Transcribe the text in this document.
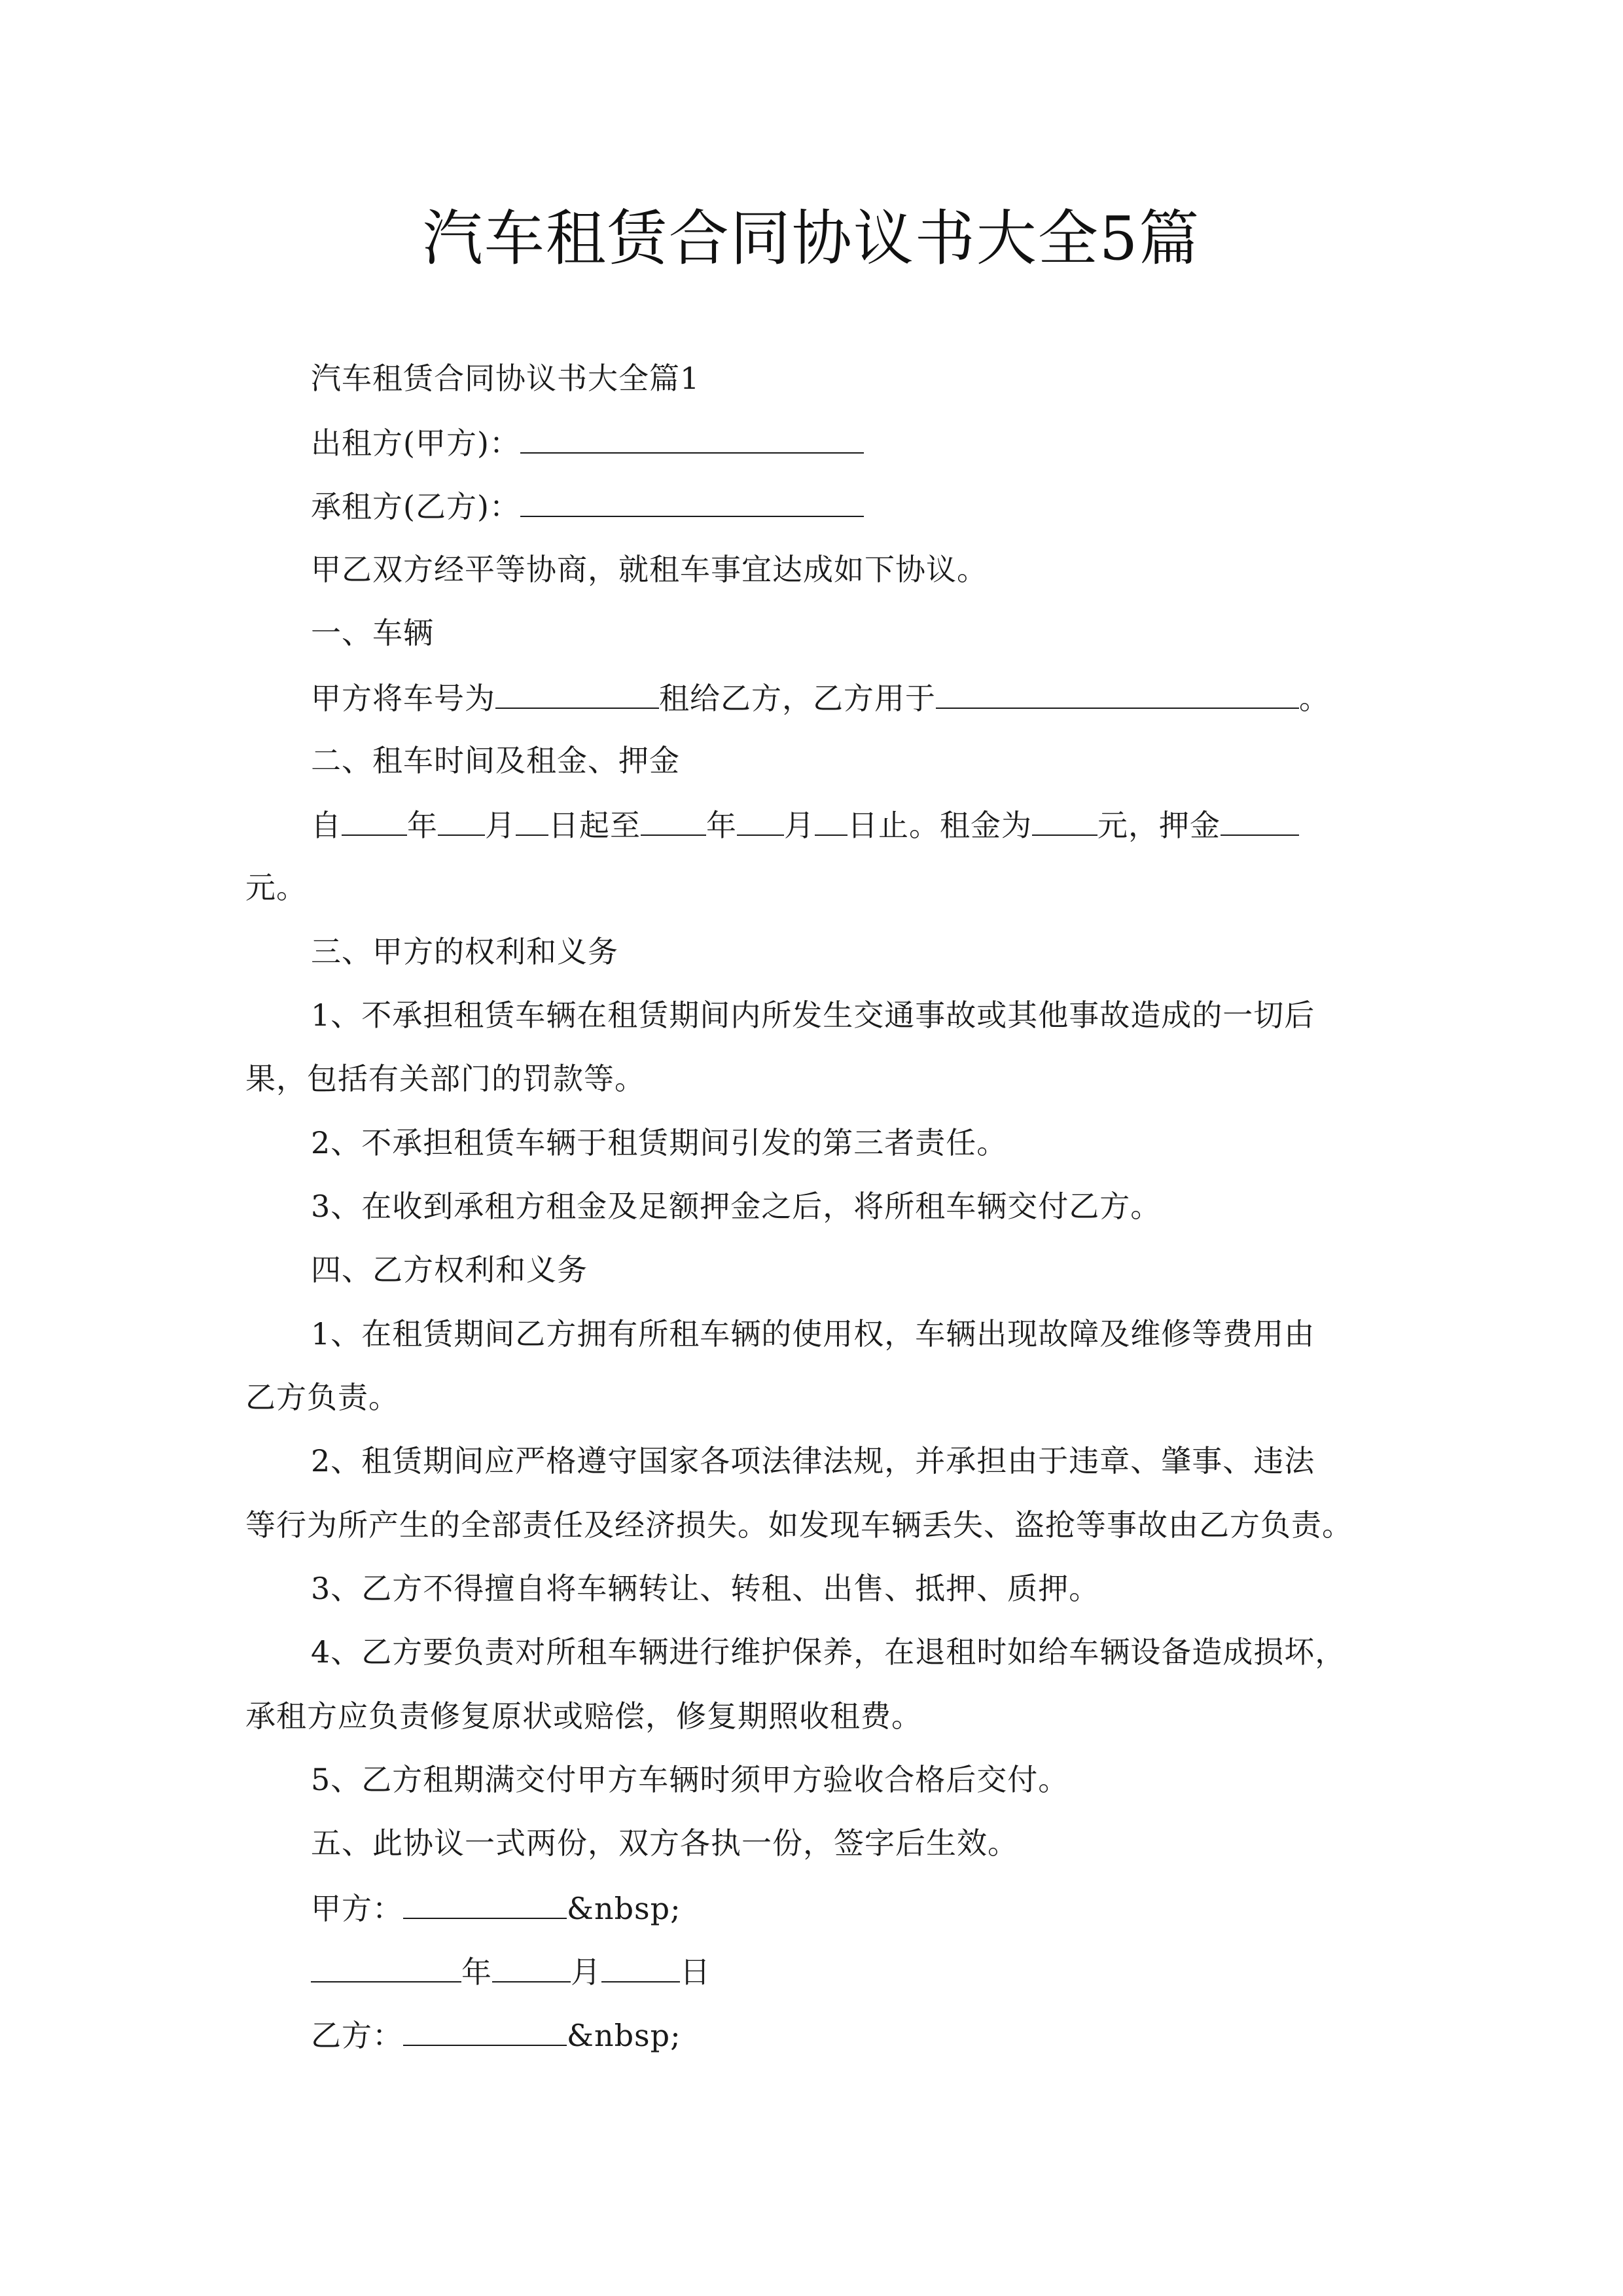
汽车租赁合同协议书大全5篇
汽车租赁合同协议书大全篇1
出租方(甲方)：
承租方(乙方)：
甲乙双方经平等协商，就租车事宜达成如下协议。
一、车辆
甲方将车号为	租给乙方，乙方用于	。
二、租车时间及租金、押金
自 年 月 日起至 年 月 日止。租金为 元，押金
元。
三、甲方的权利和义务
1、不承担租赁车辆在租赁期间内所发生交通事故或其他事故造成的一切后
果，包括有关部门的罚款等。
2、不承担租赁车辆于租赁期间引发的第三者责任。
3、在收到承租方租金及足额押金之后，将所租车辆交付乙方。
四、乙方权利和义务
1、在租赁期间乙方拥有所租车辆的使用权，车辆出现故障及维修等费用由
乙方负责。
2、租赁期间应严格遵守国家各项法律法规，并承担由于违章、肇事、违法
等行为所产生的全部责任及经济损失。如发现车辆丢失、盗抢等事故由乙方负责。
3、乙方不得擅自将车辆转让、转租、出售、抵押、质押。
4、乙方要负责对所租车辆进行维护保养，在退租时如给车辆设备造成损坏，
承租方应负责修复原状或赔偿，修复期照收租费。
5、乙方租期满交付甲方车辆时须甲方验收合格后交付。
五、此协议一式两份，双方各执一份，签字后生效。
甲方：	&nbsp;
年	月	日
乙方：	&nbsp;
